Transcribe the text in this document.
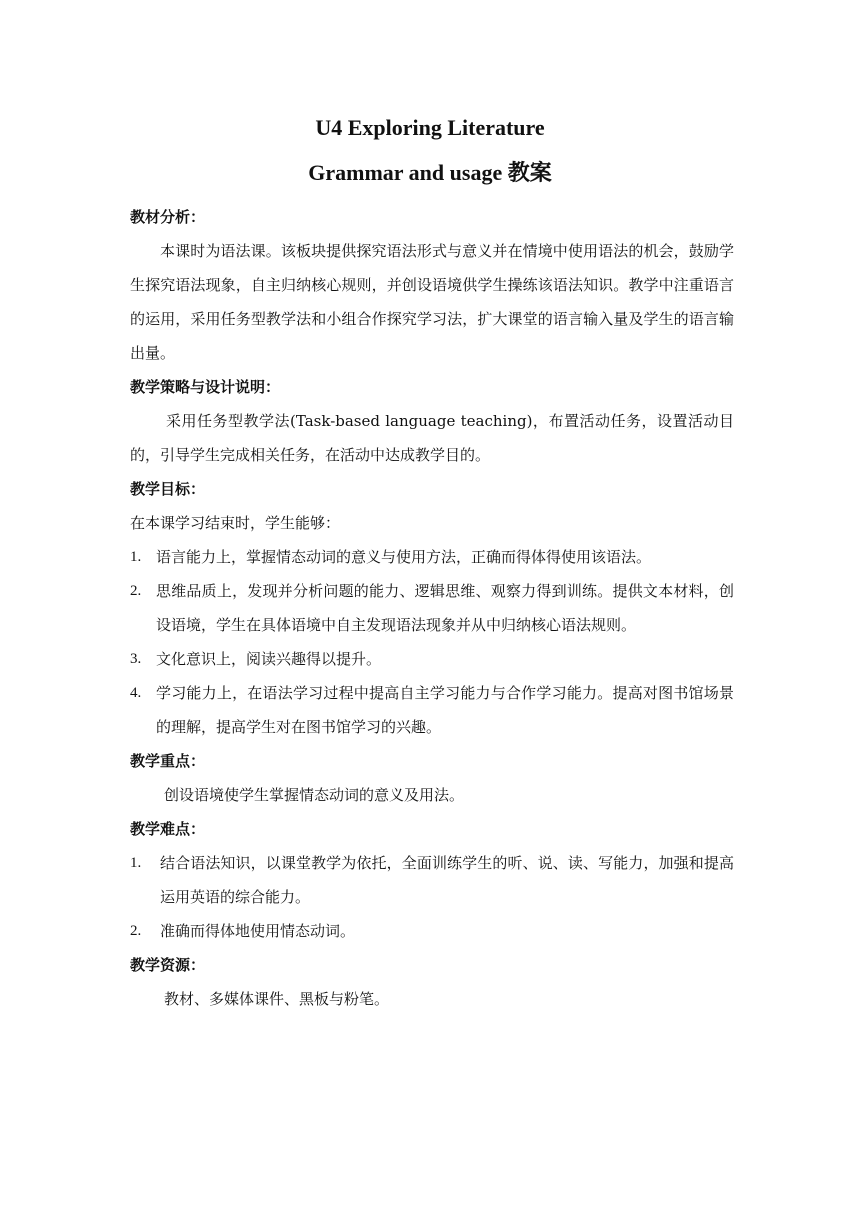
U4 Exploring Literature
Grammar and usage 教案

教材分析：

本课时为语法课。该板块提供探究语法形式与意义并在情境中使用语法的机会，鼓励学生探究语法现象，自主归纳核心规则，并创设语境供学生操练该语法知识。教学中注重语言的运用，采用任务型教学法和小组合作探究学习法，扩大课堂的语言输入量及学生的语言输出量。

教学策略与设计说明：

采用任务型教学法(Task-based language teaching)，布置活动任务，设置活动目的，引导学生完成相关任务，在活动中达成教学目的。

教学目标：

在本课学习结束时，学生能够：

1. 语言能力上，掌握情态动词的意义与使用方法，正确而得体得使用该语法。
2. 思维品质上，发现并分析问题的能力、逻辑思维、观察力得到训练。提供文本材料，创设语境，学生在具体语境中自主发现语法现象并从中归纳核心语法规则。
3. 文化意识上，阅读兴趣得以提升。
4. 学习能力上，在语法学习过程中提高自主学习能力与合作学习能力。提高对图书馆场景的理解，提高学生对在图书馆学习的兴趣。

教学重点：

创设语境使学生掌握情态动词的意义及用法。

教学难点：

1. 结合语法知识，以课堂教学为依托，全面训练学生的听、说、读、写能力，加强和提高运用英语的综合能力。
2. 准确而得体地使用情态动词。

教学资源：

教材、多媒体课件、黑板与粉笔。
